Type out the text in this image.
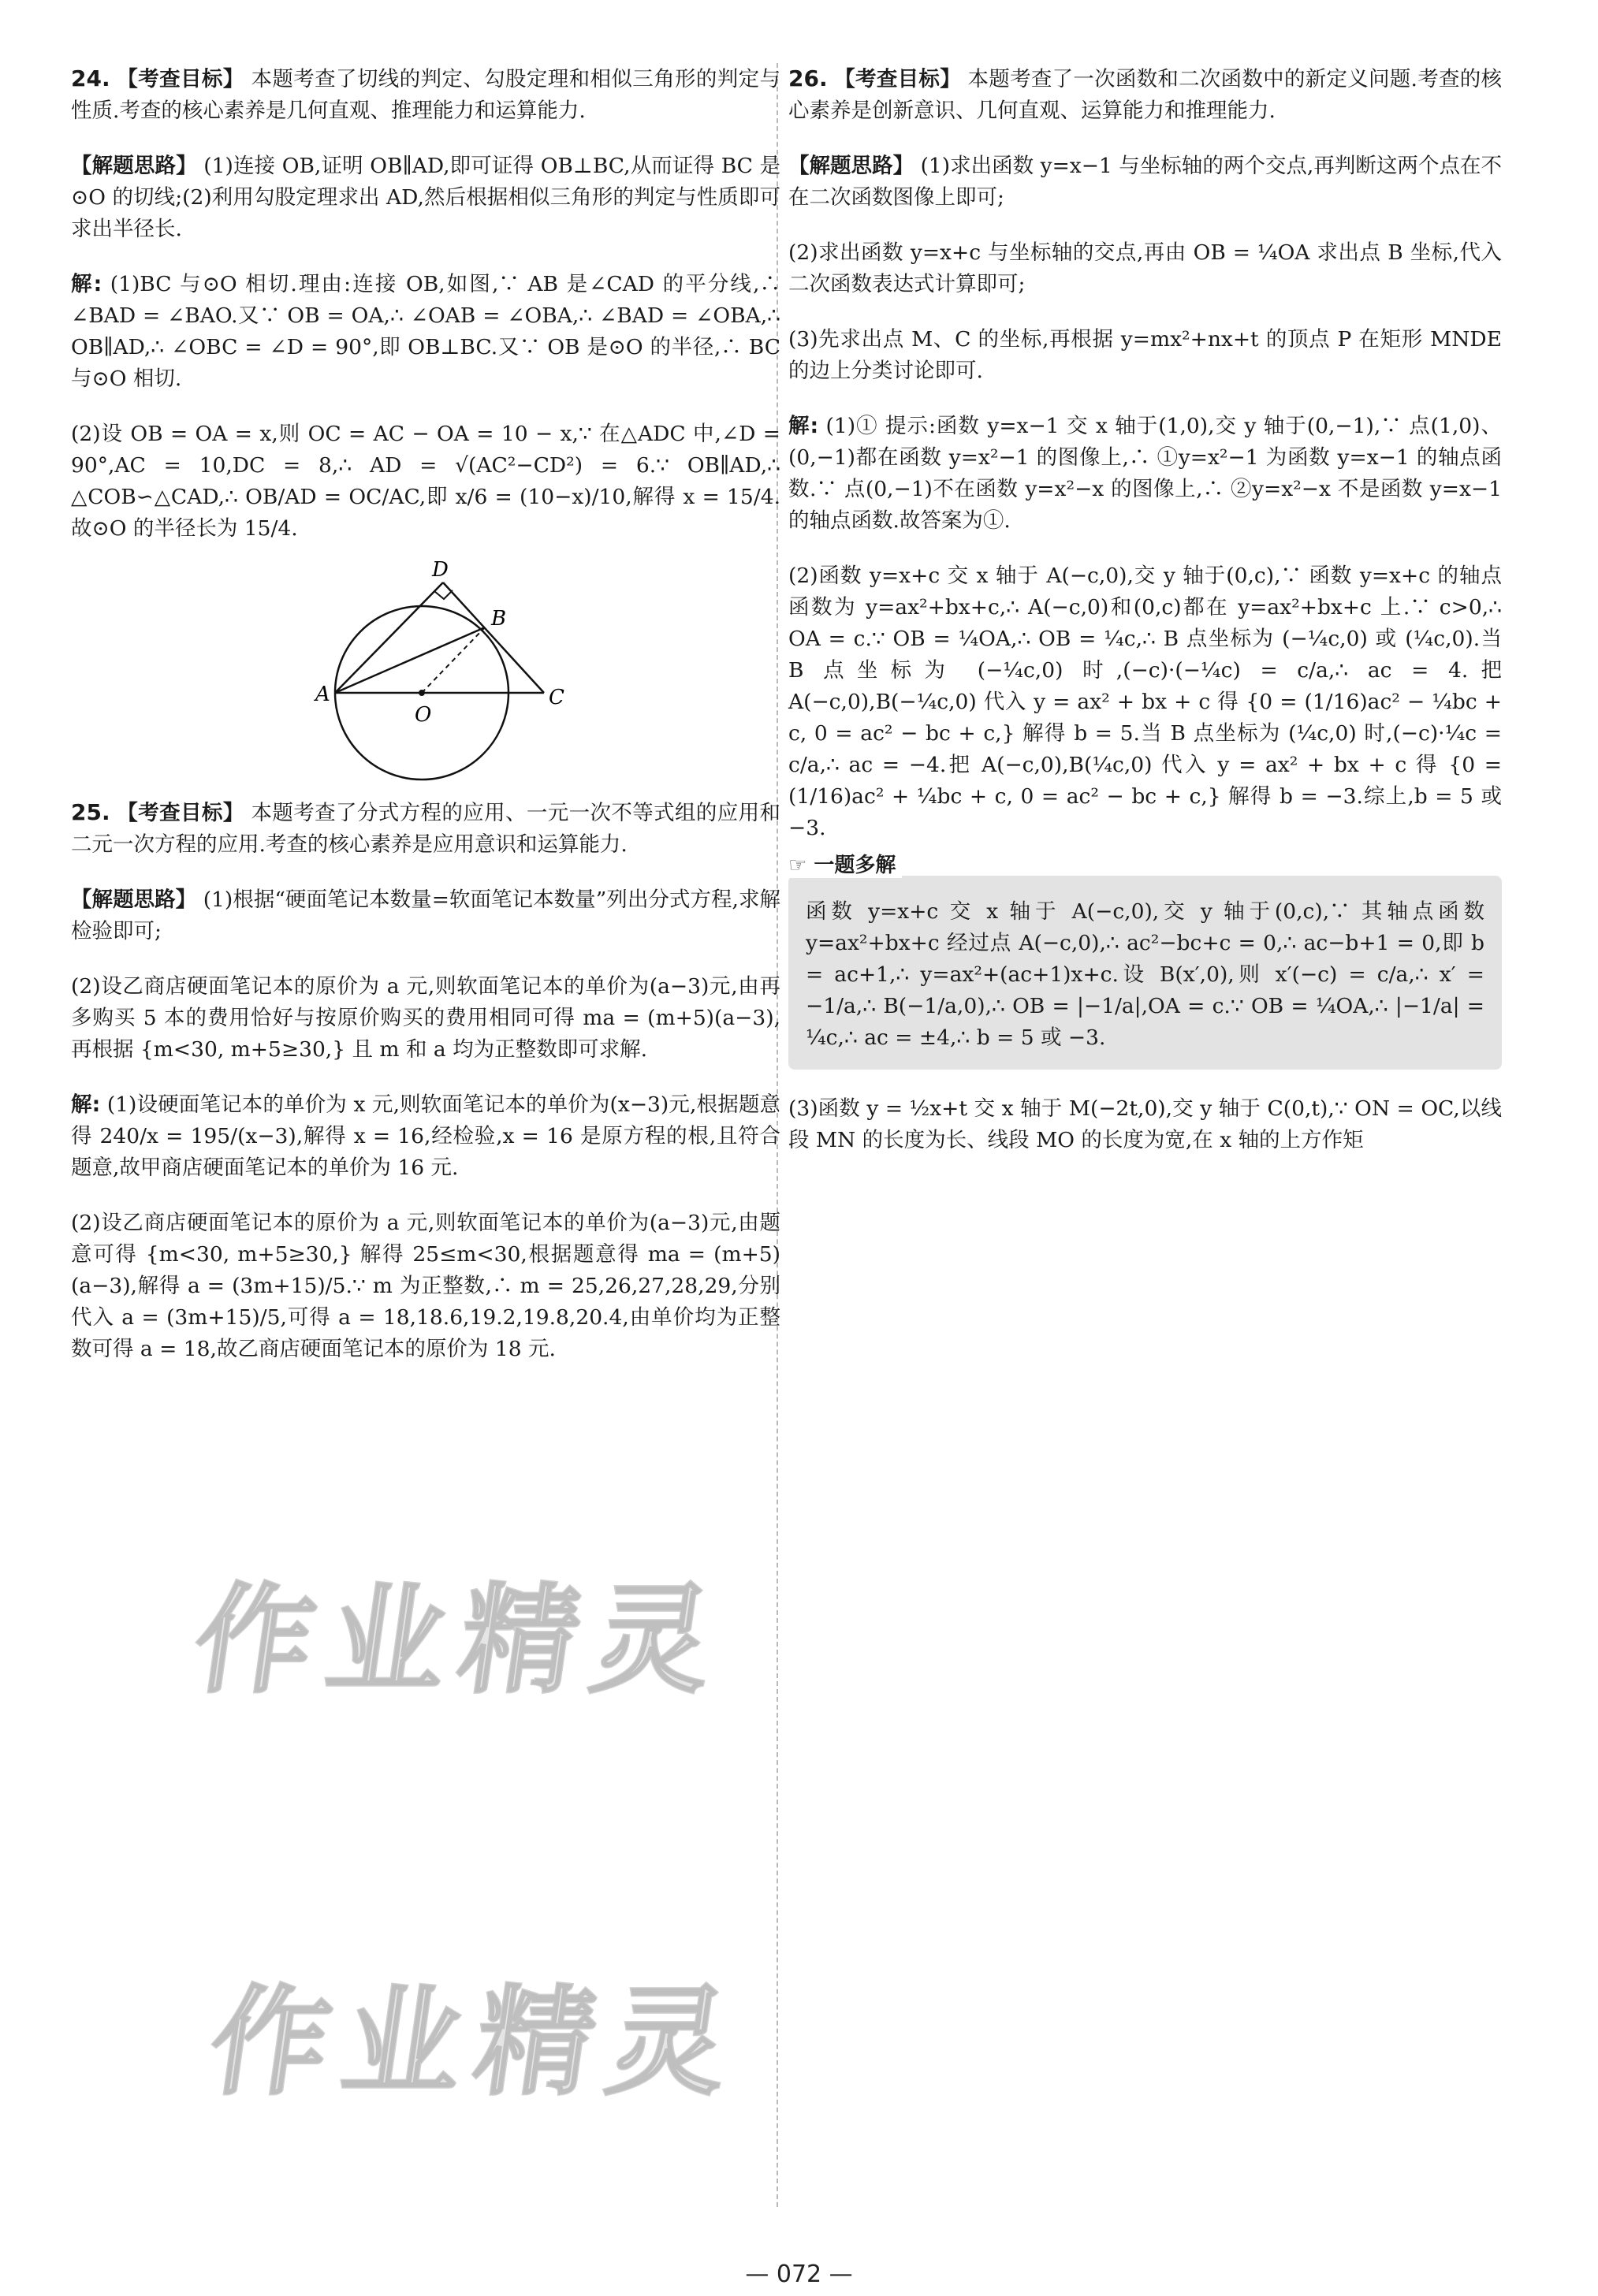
24. 【考查目标】 本题考查了切线的判定、勾股定理和相似三角形的判定与性质.考查的核心素养是几何直观、推理能力和运算能力.

【解题思路】 (1)连接 OB,证明 OB∥AD,即可证得 OB⊥BC,从而证得 BC 是⊙O 的切线;(2)利用勾股定理求出 AD,然后根据相似三角形的判定与性质即可求出半径长.

解: (1)BC 与⊙O 相切.理由:连接 OB,如图,∵ AB 是∠CAD 的平分线,∴ ∠BAD = ∠BAO.又∵ OB = OA,∴ ∠OAB = ∠OBA,∴ ∠BAD = ∠OBA,∴ OB∥AD,∴ ∠OBC = ∠D = 90°,即 OB⊥BC.又∵ OB 是⊙O 的半径,∴ BC 与⊙O 相切.

(2)设 OB = OA = x,则 OC = AC − OA = 10 − x,∵ 在△ADC 中,∠D = 90°,AC = 10,DC = 8,∴ AD = √(AC²−CD²) = 6.∵ OB∥AD,∴ △COB∽△CAD,∴ OB/AD = OC/AC,即 x/6 = (10−x)/10,解得 x = 15/4.故⊙O 的半径长为 15/4.

D
B
A
O
C

25. 【考查目标】 本题考查了分式方程的应用、一元一次不等式组的应用和二元一次方程的应用.考查的核心素养是应用意识和运算能力.

【解题思路】 (1)根据“硬面笔记本数量=软面笔记本数量”列出分式方程,求解检验即可;

(2)设乙商店硬面笔记本的原价为 a 元,则软面笔记本的单价为(a−3)元,由再多购买 5 本的费用恰好与按原价购买的费用相同可得 ma = (m+5)(a−3),再根据 {m<30, m+5≥30,} 且 m 和 a 均为正整数即可求解.

解: (1)设硬面笔记本的单价为 x 元,则软面笔记本的单价为(x−3)元,根据题意得 240/x = 195/(x−3),解得 x = 16,经检验,x = 16 是原方程的根,且符合题意,故甲商店硬面笔记本的单价为 16 元.

(2)设乙商店硬面笔记本的原价为 a 元,则软面笔记本的单价为(a−3)元,由题意可得 {m<30, m+5≥30,} 解得 25≤m<30,根据题意得 ma = (m+5)(a−3),解得 a = (3m+15)/5.∵ m 为正整数,∴ m = 25,26,27,28,29,分别代入 a = (3m+15)/5,可得 a = 18,18.6,19.2,19.8,20.4,由单价均为正整数可得 a = 18,故乙商店硬面笔记本的原价为 18 元.

26. 【考查目标】 本题考查了一次函数和二次函数中的新定义问题.考查的核心素养是创新意识、几何直观、运算能力和推理能力.

【解题思路】 (1)求出函数 y=x−1 与坐标轴的两个交点,再判断这两个点在不在二次函数图像上即可;

(2)求出函数 y=x+c 与坐标轴的交点,再由 OB = ¼OA 求出点 B 坐标,代入二次函数表达式计算即可;

(3)先求出点 M、C 的坐标,再根据 y=mx²+nx+t 的顶点 P 在矩形 MNDE 的边上分类讨论即可.

解: (1)① 提示:函数 y=x−1 交 x 轴于(1,0),交 y 轴于(0,−1),∵ 点(1,0)、(0,−1)都在函数 y=x²−1 的图像上,∴ ①y=x²−1 为函数 y=x−1 的轴点函数.∵ 点(0,−1)不在函数 y=x²−x 的图像上,∴ ②y=x²−x 不是函数 y=x−1 的轴点函数.故答案为①.

(2)函数 y=x+c 交 x 轴于 A(−c,0),交 y 轴于(0,c),∵ 函数 y=x+c 的轴点函数为 y=ax²+bx+c,∴ A(−c,0)和(0,c)都在 y=ax²+bx+c 上.∵ c>0,∴ OA = c.∵ OB = ¼OA,∴ OB = ¼c,∴ B 点坐标为 (−¼c,0) 或 (¼c,0).当 B 点坐标为 (−¼c,0) 时,(−c)·(−¼c) = c/a,∴ ac = 4.把 A(−c,0),B(−¼c,0) 代入 y = ax² + bx + c 得 {0 = (1/16)ac² − ¼bc + c, 0 = ac² − bc + c,} 解得 b = 5.当 B 点坐标为 (¼c,0) 时,(−c)·¼c = c/a,∴ ac = −4.把 A(−c,0),B(¼c,0) 代入 y = ax² + bx + c 得 {0 = (1/16)ac² + ¼bc + c, 0 = ac² − bc + c,} 解得 b = −3.综上,b = 5 或 −3.

☞ 一题多解

函数 y=x+c 交 x 轴于 A(−c,0),交 y 轴于(0,c),∵ 其轴点函数 y=ax²+bx+c 经过点 A(−c,0),∴ ac²−bc+c = 0,∴ ac−b+1 = 0,即 b = ac+1,∴ y=ax²+(ac+1)x+c.设 B(x′,0),则 x′(−c) = c/a,∴ x′ = −1/a,∴ B(−1/a,0),∴ OB = |−1/a|,OA = c.∵ OB = ¼OA,∴ |−1/a| = ¼c,∴ ac = ±4,∴ b = 5 或 −3.

(3)函数 y = ½x+t 交 x 轴于 M(−2t,0),交 y 轴于 C(0,t),∵ ON = OC,以线段 MN 的长度为长、线段 MO 的长度为宽,在 x 轴的上方作矩

作业精灵
作业精灵
— 072 —
